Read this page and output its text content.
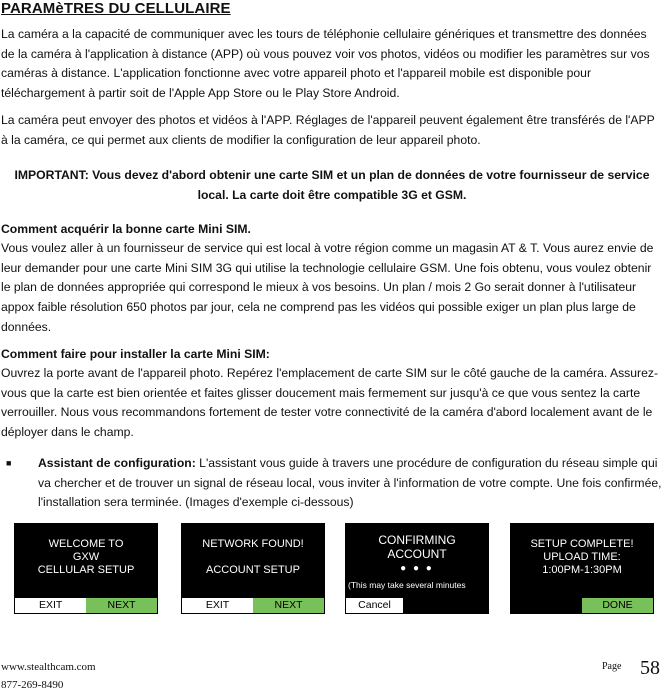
PARAMèTRES DU CELLULAIRE
La caméra a la capacité de communiquer avec les tours de téléphonie cellulaire génériques et transmettre des données de la caméra à l'application à distance (APP) où vous pouvez voir vos photos, vidéos ou modifier les paramètres sur vos caméras à distance. L'application fonctionne avec votre appareil photo et l'appareil mobile est disponible pour téléchargement à partir soit de l'Apple App Store ou le Play Store Android.
La caméra peut envoyer des photos et vidéos à l'APP. Réglages de l'appareil peuvent également être transférés de l'APP à la caméra, ce qui permet aux clients de modifier la configuration de leur appareil photo.
IMPORTANT: Vous devez d'abord obtenir une carte SIM et un plan de données de votre fournisseur de service local. La carte doit être compatible 3G et GSM.
Comment acquérir la bonne carte Mini SIM.
Vous voulez aller à un fournisseur de service qui est local à votre région comme un magasin AT & T. Vous aurez envie de leur demander pour une carte Mini SIM 3G qui utilise la technologie cellulaire GSM. Une fois obtenu, vous voulez obtenir le plan de données appropriée qui correspond le mieux à vos besoins. Un plan / mois 2 Go serait donner à l'utilisateur appox faible résolution 650 photos par jour, cela ne comprend pas les vidéos qui possible exiger un plan plus large de données.
Comment faire pour installer la carte Mini SIM:
Ouvrez la porte avant de l'appareil photo. Repérez l'emplacement de carte SIM sur le côté gauche de la caméra. Assurez-vous que la carte est bien orientée et faites glisser doucement mais fermement sur jusqu'à ce que vous sentez la carte verrouiller. Nous vous recommandons fortement de tester votre connectivité de la caméra d'abord localement avant de le déployer dans le champ.
■ Assistant de configuration: L'assistant vous guide à travers une procédure de configuration du réseau simple qui va chercher et de trouver un signal de réseau local, vous inviter à l'information de votre compte. Une fois confirmée, l'installation sera terminée. (Images d'exemple ci-dessous)
WELCOME TO
GXW
CELLULAR SETUP
EXIT	NEXT
NETWORK FOUND!
ACCOUNT SETUP
EXIT	NEXT
CONFIRMING
ACCOUNT
● ● ●
(This may take several minutes
Cancel
SETUP COMPLETE!
UPLOAD TIME:
1:00PM-1:30PM
DONE
www.stealthcam.com
877-269-8490
Page 58
